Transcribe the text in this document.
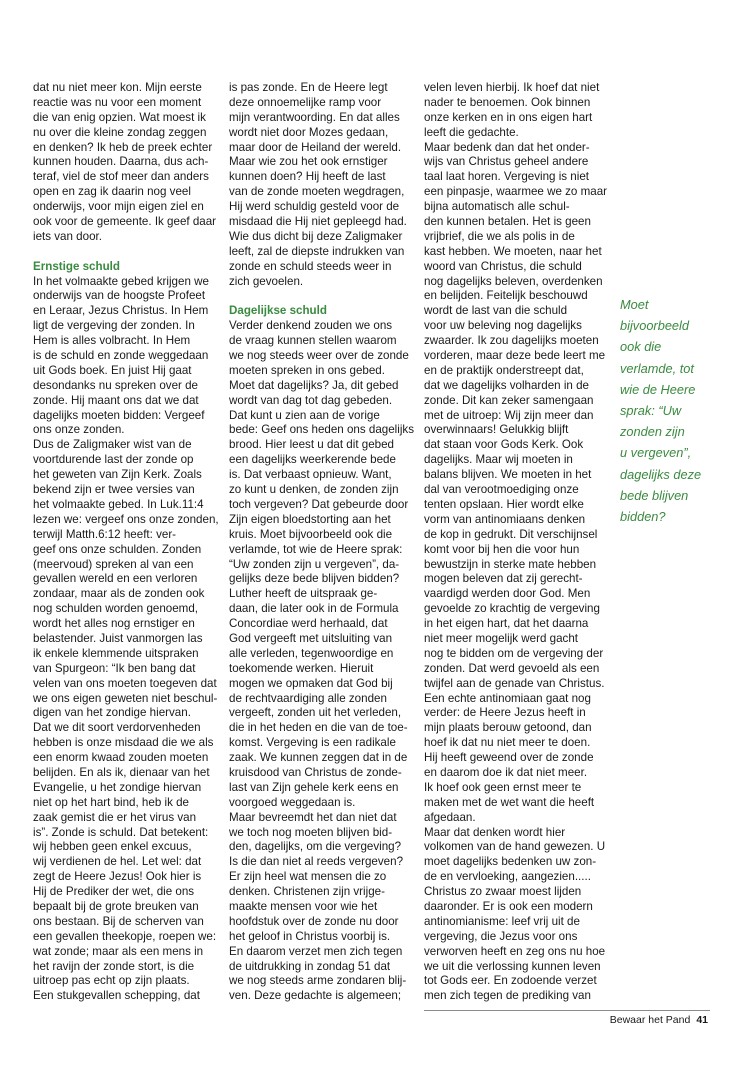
dat nu niet meer kon. Mijn eerste
reactie was nu voor een moment
die van enig opzien. Wat moest ik
nu over die kleine zondag zeggen
en denken? Ik heb de preek echter
kunnen houden. Daarna, dus ach-
teraf, viel de stof meer dan anders
open en zag ik daarin nog veel
onderwijs, voor mijn eigen ziel en
ook voor de gemeente. Ik geef daar
iets van door.
Ernstige schuld
In het volmaakte gebed krijgen we
onderwijs van de hoogste Profeet
en Leraar, Jezus Christus. In Hem
ligt de vergeving der zonden. In
Hem is alles volbracht. In Hem
is de schuld en zonde weggedaan
uit Gods boek. En juist Hij gaat
desondanks nu spreken over de
zonde. Hij maant ons dat we dat
dagelijks moeten bidden: Vergeef
ons onze zonden.
Dus de Zaligmaker wist van de
voortdurende last der zonde op
het geweten van Zijn Kerk. Zoals
bekend zijn er twee versies van
het volmaakte gebed. In Luk.11:4
lezen we: vergeef ons onze zonden,
terwijl Matth.6:12 heeft: ver-
geef ons onze schulden. Zonden
(meervoud) spreken al van een
gevallen wereld en een verloren
zondaar, maar als de zonden ook
nog schulden worden genoemd,
wordt het alles nog ernstiger en
belastender. Juist vanmorgen las
ik enkele klemmende uitspraken
van Spurgeon: “Ik ben bang dat
velen van ons moeten toegeven dat
we ons eigen geweten niet beschul-
digen van het zondige hiervan.
Dat we dit soort verdorvenheden
hebben is onze misdaad die we als
een enorm kwaad zouden moeten
belijden. En als ik, dienaar van het
Evangelie, u het zondige hiervan
niet op het hart bind, heb ik de
zaak gemist die er het virus van
is”. Zonde is schuld. Dat betekent:
wij hebben geen enkel excuus,
wij verdienen de hel. Let wel: dat
zegt de Heere Jezus! Ook hier is
Hij de Prediker der wet, die ons
bepaalt bij de grote breuken van
ons bestaan. Bij de scherven van
een gevallen theekopje, roepen we:
wat zonde; maar als een mens in
het ravijn der zonde stort, is die
uitroep pas echt op zijn plaats.
Een stukgevallen schepping, dat
is pas zonde. En de Heere legt
deze onnoemelijke ramp voor
mijn verantwoording. En dat alles
wordt niet door Mozes gedaan,
maar door de Heiland der wereld.
Maar wie zou het ook ernstiger
kunnen doen? Hij heeft de last
van de zonde moeten wegdragen,
Hij werd schuldig gesteld voor de
misdaad die Hij niet gepleegd had.
Wie dus dicht bij deze Zaligmaker
leeft, zal de diepste indrukken van
zonde en schuld steeds weer in
zich gevoelen.
Dagelijkse schuld
Verder denkend zouden we ons
de vraag kunnen stellen waarom
we nog steeds weer over de zonde
moeten spreken in ons gebed.
Moet dat dagelijks? Ja, dit gebed
wordt van dag tot dag gebeden.
Dat kunt u zien aan de vorige
bede: Geef ons heden ons dagelijks
brood. Hier leest u dat dit gebed
een dagelijks weerkerende bede
is. Dat verbaast opnieuw. Want,
zo kunt u denken, de zonden zijn
toch vergeven? Dat gebeurde door
Zijn eigen bloedstorting aan het
kruis. Moet bijvoorbeeld ook die
verlamde, tot wie de Heere sprak:
“Uw zonden zijn u vergeven”, da-
gelijks deze bede blijven bidden?
Luther heeft de uitspraak ge-
daan, die later ook in de Formula
Concordiae werd herhaald, dat
God vergeeft met uitsluiting van
alle verleden, tegenwoordige en
toekomende werken. Hieruit
mogen we opmaken dat God bij
de rechtvaardiging alle zonden
vergeeft, zonden uit het verleden,
die in het heden en die van de toe-
komst. Vergeving is een radikale
zaak. We kunnen zeggen dat in de
kruisdood van Christus de zonde-
last van Zijn gehele kerk eens en
voorgoed weggedaan is.
Maar bevreemdt het dan niet dat
we toch nog moeten blijven bid-
den, dagelijks, om die vergeving?
Is die dan niet al reeds vergeven?
Er zijn heel wat mensen die zo
denken. Christenen zijn vrijge-
maakte mensen voor wie het
hoofdstuk over de zonde nu door
het geloof in Christus voorbij is.
En daarom verzet men zich tegen
de uitdrukking in zondag 51 dat
we nog steeds arme zondaren blij-
ven. Deze gedachte is algemeen;
velen leven hierbij. Ik hoef dat niet
nader te benoemen. Ook binnen
onze kerken en in ons eigen hart
leeft die gedachte.
Maar bedenk dan dat het onder-
wijs van Christus geheel andere
taal laat horen. Vergeving is niet
een pinpasje, waarmee we zo maar
bijna automatisch alle schul-
den kunnen betalen. Het is geen
vrijbrief, die we als polis in de
kast hebben. We moeten, naar het
woord van Christus, die schuld
nog dagelijks beleven, overdenken
en belijden. Feitelijk beschouwd
wordt de last van die schuld
voor uw beleving nog dagelijks
zwaarder. Ik zou dagelijks moeten
vorderen, maar deze bede leert me
en de praktijk onderstreept dat,
dat we dagelijks volharden in de
zonde. Dit kan zeker samengaan
met de uitroep: Wij zijn meer dan
overwinnaars! Gelukkig blijft
dat staan voor Gods Kerk. Ook
dagelijks. Maar wij moeten in
balans blijven. We moeten in het
dal van verootmoediging onze
tenten opslaan. Hier wordt elke
vorm van antinomiaans denken
de kop in gedrukt. Dit verschijnsel
komt voor bij hen die voor hun
bewustzijn in sterke mate hebben
mogen beleven dat zij gerecht-
vaardigd werden door God. Men
gevoelde zo krachtig de vergeving
in het eigen hart, dat het daarna
niet meer mogelijk werd gacht
nog te bidden om de vergeving der
zonden. Dat werd gevoeld als een
twijfel aan de genade van Christus.
Een echte antinomiaan gaat nog
verder: de Heere Jezus heeft in
mijn plaats berouw getoond, dan
hoef ik dat nu niet meer te doen.
Hij heeft geweend over de zonde
en daarom doe ik dat niet meer.
Ik hoef ook geen ernst meer te
maken met de wet want die heeft
afgedaan.
Maar dat denken wordt hier
volkomen van de hand gewezen. U
moet dagelijks bedenken uw zon-
de en vervloeking, aangezien.....
Christus zo zwaar moest lijden
daaronder. Er is ook een modern
antinomianisme: leef vrij uit de
vergeving, die Jezus voor ons
verworven heeft en zeg ons nu hoe
we uit die verlossing kunnen leven
tot Gods eer. En zodoende verzet
men zich tegen de prediking van
Moet
bijvoorbeeld
ook die
verlamde, tot
wie de Heere
sprak: “Uw
zonden zijn
u vergeven”,
dagelijks deze
bede blijven
bidden?
Bewaar het Pand 41
